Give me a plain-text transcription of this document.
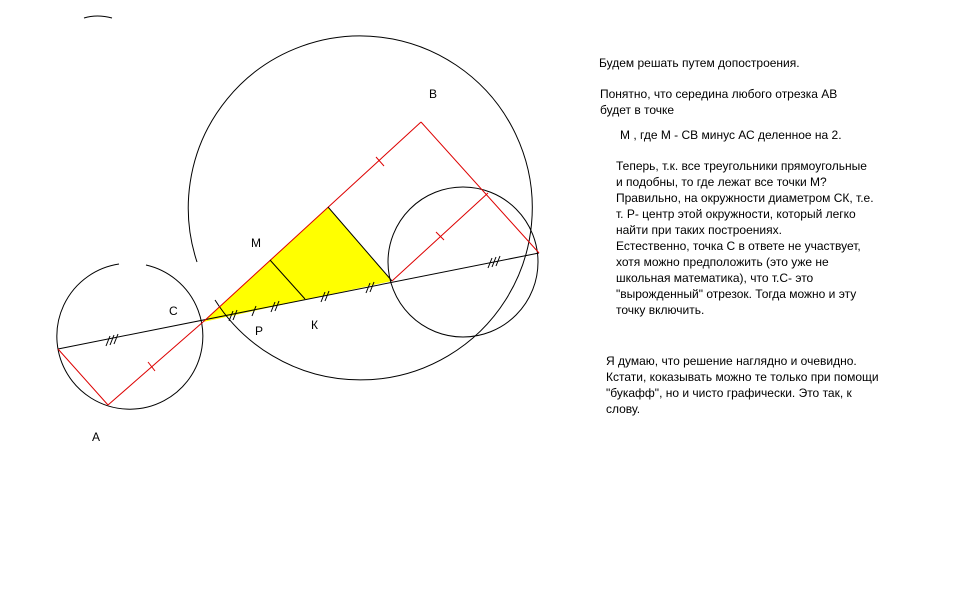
В
М
С
Р	К
А

Будем решать путем допостроения.

Понятно, что середина любого отрезка АВ
будет в точке

М , где М - СВ минус АС деленное на 2.

Теперь, т.к. все треугольники прямоугольные
и подобны, то где лежат все точки М?
Правильно, на окружности диаметром СК, т.е.
т. Р- центр этой окружности, который легко
найти при таких построениях.
Естественно, точка С в ответе не участвует,
хотя можно предположить (это уже не
школьная математика), что т.С- это
"вырожденный" отрезок. Тогда можно и эту
точку включить.

Я думаю, что решение наглядно и очевидно.
Кстати, кокaзывать можно те только при помощи
"букафф", но и чисто графически. Это так, к
слову.
